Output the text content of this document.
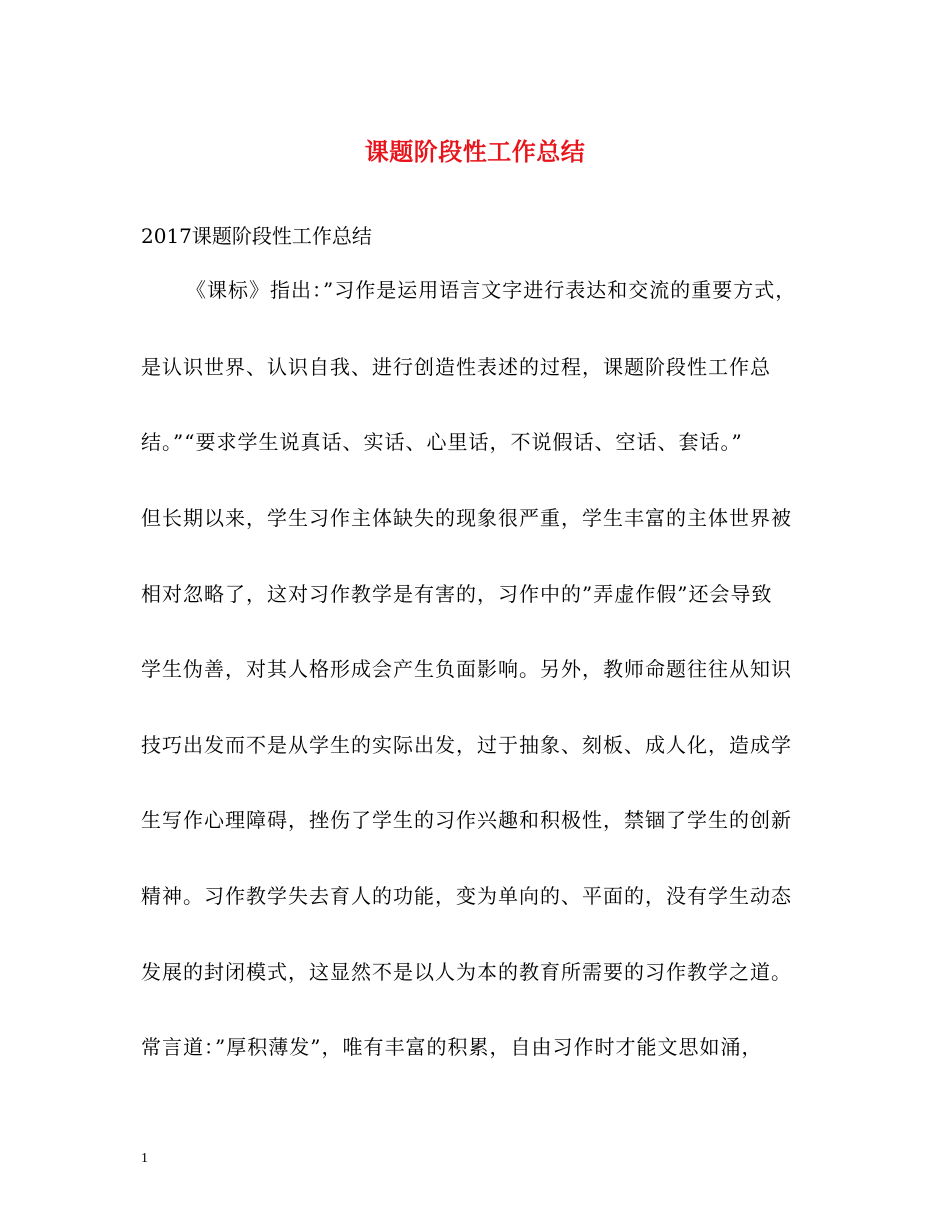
课题阶段性工作总结
2017课题阶段性工作总结
《课标》指出：”习作是运用语言文字进行表达和交流的重要方式，
是认识世界、认识自我、进行创造性表述的过程，课题阶段性工作总
结。”“要求学生说真话、实话、心里话，不说假话、空话、套话。”
但长期以来，学生习作主体缺失的现象很严重，学生丰富的主体世界被
相对忽略了，这对习作教学是有害的，习作中的”弄虚作假”还会导致
学生伪善，对其人格形成会产生负面影响。另外，教师命题往往从知识
技巧出发而不是从学生的实际出发，过于抽象、刻板、成人化，造成学
生写作心理障碍，挫伤了学生的习作兴趣和积极性，禁锢了学生的创新
精神。习作教学失去育人的功能，变为单向的、平面的，没有学生动态
发展的封闭模式，这显然不是以人为本的教育所需要的习作教学之道。
常言道：”厚积薄发”，唯有丰富的积累，自由习作时才能文思如涌，
1
